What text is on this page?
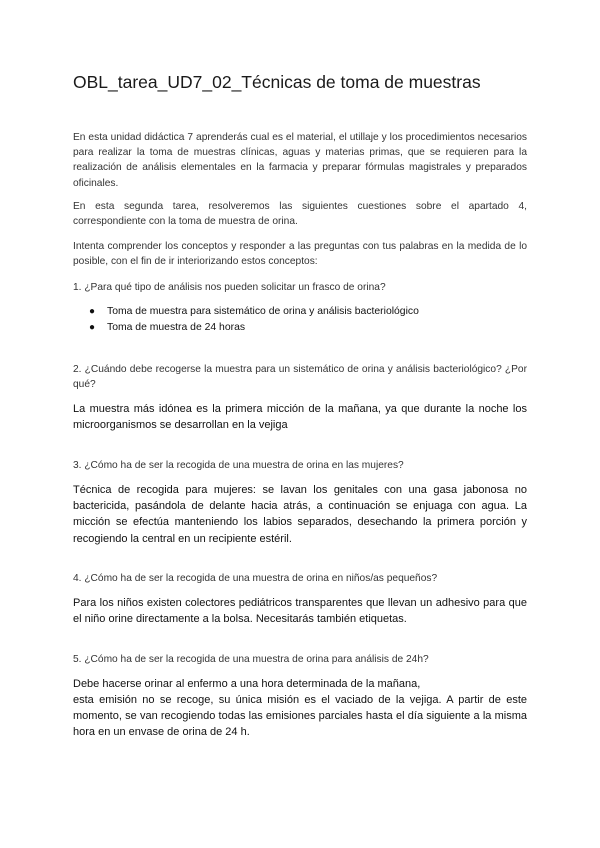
OBL_tarea_UD7_02_Técnicas de toma de muestras

En esta unidad didáctica 7 aprenderás cual es el material, el utillaje y los procedimientos necesarios para realizar la toma de muestras clínicas, aguas y materias primas, que se requieren para la realización de análisis elementales en la farmacia y preparar fórmulas magistrales y preparados oficinales.

En esta segunda tarea, resolveremos las siguientes cuestiones sobre el apartado 4, correspondiente con la toma de muestra de orina.

Intenta comprender los conceptos y responder a las preguntas con tus palabras en la medida de lo posible, con el fin de ir interiorizando estos conceptos:

1. ¿Para qué tipo de análisis nos pueden solicitar un frasco de orina?

● Toma de muestra para sistemático de orina y análisis bacteriológico
● Toma de muestra de 24 horas

2. ¿Cuándo debe recogerse la muestra para un sistemático de orina y análisis bacteriológico? ¿Por qué?

La muestra más idónea es la primera micción de la mañana, ya que durante la noche los microorganismos se desarrollan en la vejiga

3. ¿Cómo ha de ser la recogida de una muestra de orina en las mujeres?

Técnica de recogida para mujeres: se lavan los genitales con una gasa jabonosa no bactericida, pasándola de delante hacia atrás, a continuación se enjuaga con agua. La micción se efectúa manteniendo los labios separados, desechando la primera porción y recogiendo la central en un recipiente estéril.

4. ¿Cómo ha de ser la recogida de una muestra de orina en niños/as pequeños?

Para los niños existen colectores pediátricos transparentes que llevan un adhesivo para que el niño orine directamente a la bolsa. Necesitarás también etiquetas.

5. ¿Cómo ha de ser la recogida de una muestra de orina para análisis de 24h?

Debe hacerse orinar al enfermo a una hora determinada de la mañana,

esta emisión no se recoge, su única misión es el vaciado de la vejiga. A partir de este momento, se van recogiendo todas las emisiones parciales hasta el día siguiente a la misma hora en un envase de orina de 24 h.
